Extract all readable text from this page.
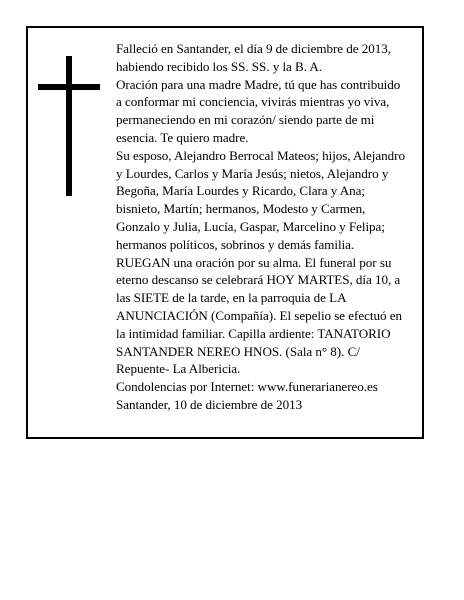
Falleció en Santander, el día 9 de diciembre de 2013,
habiendo recibido los SS. SS. y la B. A.
Oración para una madre Madre, tú que has contribuido
a conformar mi conciencia, vivirás mientras yo viva,
permaneciendo en mi corazón/ siendo parte de mi
esencia. Te quiero madre.
Su esposo, Alejandro Berrocal Mateos; hijos, Alejandro
y Lourdes, Carlos y María Jesús; nietos, Alejandro y
Begoña, María Lourdes y Ricardo, Clara y Ana;
bisnieto, Martín; hermanos, Modesto y Carmen,
Gonzalo y Julia, Lucía, Gaspar, Marcelino y Felipa;
hermanos políticos, sobrinos y demás familia.
RUEGAN una oración por su alma. El funeral por su
eterno descanso se celebrará HOY MARTES, día 10, a
las SIETE de la tarde, en la parroquia de LA
ANUNCIACIÓN (Compañía). El sepelio se efectuó en
la intimidad familiar. Capilla ardiente: TANATORIO
SANTANDER NEREO HNOS. (Sala n° 8). C/
Repuente- La Albericia.
Condolencias por Internet: www.funerarianereo.es
Santander, 10 de diciembre de 2013
